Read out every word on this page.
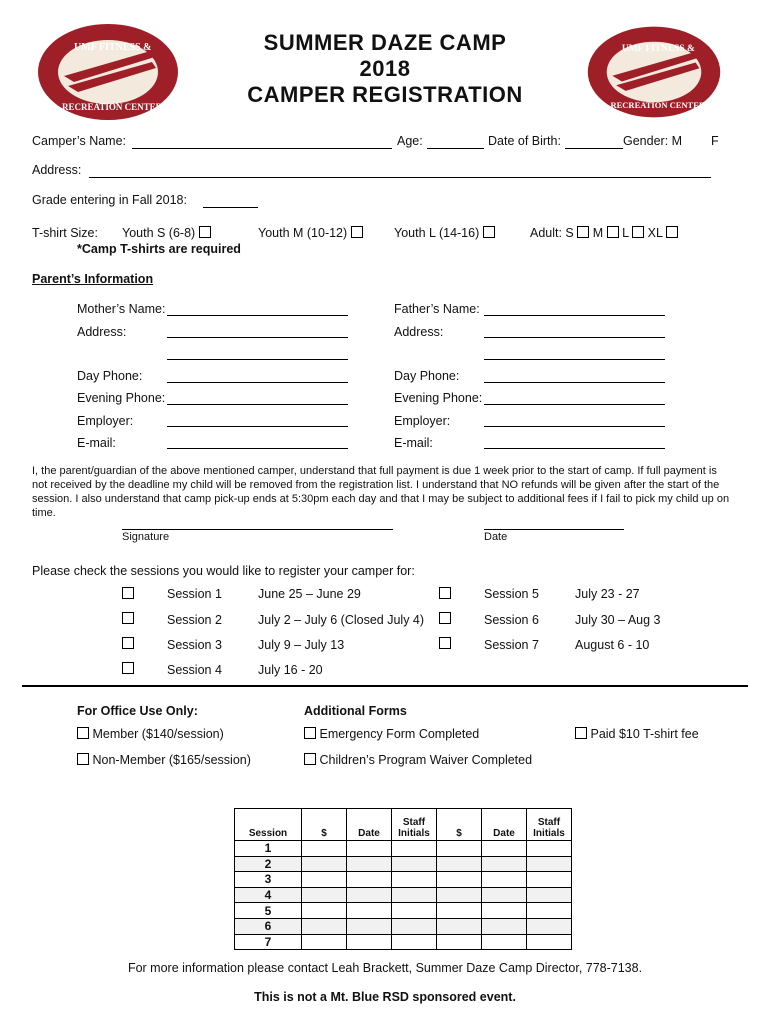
UMF FITNESS &
RECREATION CENTER
UMF FITNESS &
RECREATION CENTER
SUMMER DAZE CAMP
2018
CAMPER REGISTRATION
Camper’s Name:	Age:	Date of Birth:	Gender: M F
Address:
Grade entering in Fall 2018:
T-shirt Size: Youth S (6-8)	Youth M (10-12)	Youth L (14-16)	Adult: S M L XL
*Camp T-shirts are required
Parent’s Information
Mother’s Name:	Father’s Name:
Address:	Address:
Day Phone:	Day Phone:
Evening Phone:	Evening Phone:
Employer:	Employer:
E-mail:	E-mail:
I, the parent/guardian of the above mentioned camper, understand that full payment is due 1 week prior to the start of camp. If full payment is not received by the deadline my child will be removed from the registration list. I understand that NO refunds will be given after the start of the session. I also understand that camp pick-up ends at 5:30pm each day and that I may be subject to additional fees if I fail to pick my child up on time.
Signature	Date
Please check the sessions you would like to register your camper for:
Session 1	June 25 – June 29
Session 2	July 2 – July 6 (Closed July 4)
Session 3	July 9 – July 13
Session 4	July 16 - 20
Session 5	July 23 - 27
Session 6	July 30 – Aug 3
Session 7	August 6 - 10
For Office Use Only:
Member ($140/session)
Non-Member ($165/session)
Additional Forms
Emergency Form Completed
Children’s Program Waiver Completed
Paid $10 T-shirt fee
Session	$	Date	Staff Initials	$	Date	Staff Initials
1						
2						
3						
4						
5						
6						
7						
For more information please contact Leah Brackett, Summer Daze Camp Director, 778-7138.
This is not a Mt. Blue RSD sponsored event.
